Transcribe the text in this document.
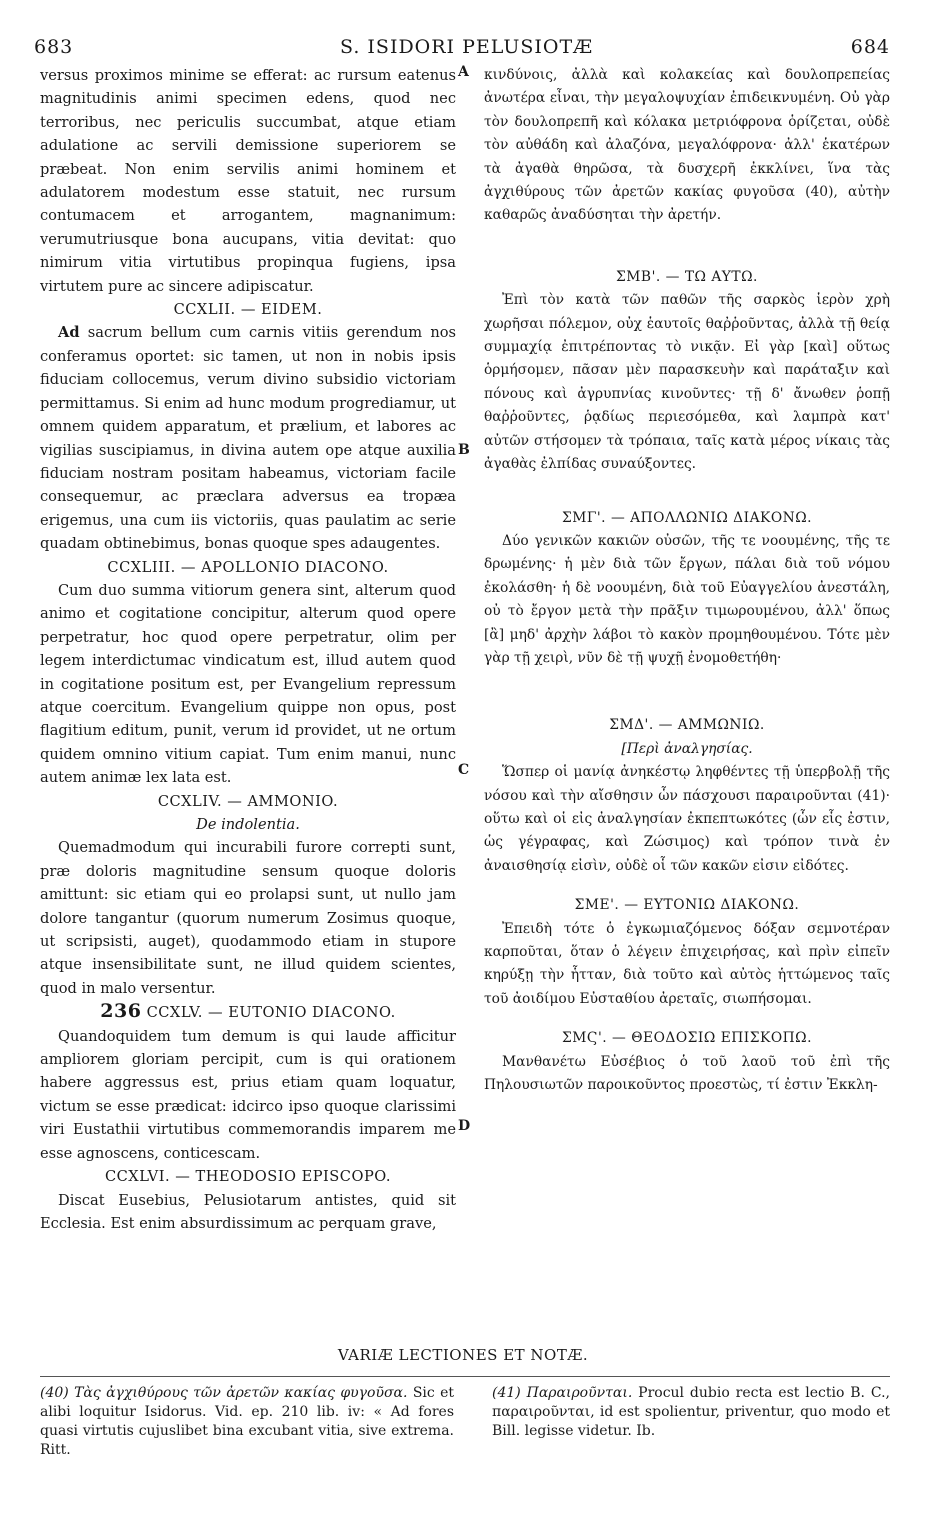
683	S. ISIDORI PELUSIOTÆ	684

versus proximos minime se efferat: ac rursum eatenus magnitudinis animi specimen edens, quod nec terroribus, nec periculis succumbat, atque etiam adulatione ac servili demissione superiorem se præbeat. Non enim servilis animi hominem et adulatorem modestum esse statuit, nec rursum contumacem et arrogantem, magnanimum: verumutriusque bona aucupans, vitia devitat: quo nimirum vitia virtutibus propinqua fugiens, ipsa virtutem pure ac sincere adipiscatur.

CCXLII. — EIDEM.

Ad sacrum bellum cum carnis vitiis gerendum nos conferamus oportet: sic tamen, ut non in nobis ipsis fiduciam collocemus, verum divino subsidio victoriam permittamus. Si enim ad hunc modum progrediamur, ut omnem quidem apparatum, et prælium, et labores ac vigilias suscipiamus, in divina autem ope atque auxilia fiduciam nostram positam habeamus, victoriam facile consequemur, ac præclara adversus ea tropæa erigemus, una cum iis victoriis, quas paulatim ac serie quadam obtinebimus, bonas quoque spes adaugentes.

CCXLIII. — APOLLONIO DIACONO.

Cum duo summa vitiorum genera sint, alterum quod animo et cogitatione concipitur, alterum quod opere perpetratur, hoc quod opere perpetratur, olim per legem interdictumac vindicatum est, illud autem quod in cogitatione positum est, per Evangelium repressum atque coercitum. Evangelium quippe non opus, post flagitium editum, punit, verum id providet, ut ne ortum quidem omnino vitium capiat. Tum enim manui, nunc autem animæ lex lata est.

CCXLIV. — AMMONIO.

De indolentia.

Quemadmodum qui incurabili furore correpti sunt, præ doloris magnitudine sensum quoque doloris amittunt: sic etiam qui eo prolapsi sunt, ut nullo jam dolore tangantur (quorum numerum Zosimus quoque, ut scripsisti, auget), quodammodo etiam in stupore atque insensibilitate sunt, ne illud quidem scientes, quod in malo versentur.

236 CCXLV. — EUTONIO DIACONO.

Quandoquidem tum demum is qui laude afficitur ampliorem gloriam percipit, cum is qui orationem habere aggressus est, prius etiam quam loquatur, victum se esse prædicat: idcirco ipso quoque clarissimi viri Eustathii virtutibus commemorandis imparem me esse agnoscens, conticescam.

CCXLVI. — THEODOSIO EPISCOPO.

Discat Eusebius, Pelusiotarum antistes, quid sit Ecclesia. Est enim absurdissimum ac perquam grave,

A
B
C
D

κινδύνοις, ἀλλὰ καὶ κολακείας καὶ δουλοπρεπείας ἀνωτέρα εἶναι, τὴν μεγαλοψυχίαν ἐπιδεικνυμένη. Οὐ γὰρ τὸν δουλοπρεπῆ καὶ κόλακα μετριόφρονα ὁρίζεται, οὐδὲ τὸν αὐθάδη καὶ ἀλαζόνα, μεγαλόφρονα· ἀλλ' ἑκατέρων τὰ ἀγαθὰ θηρῶσα, τὰ δυσχερῆ ἐκκλίνει, ἵνα τὰς ἀγχιθύρους τῶν ἀρετῶν κακίας φυγοῦσα (40), αὐτὴν καθαρῶς ἀναδύσηται τὴν ἀρετήν.

ΣΜΒ'. — ΤΩ ΑΥΤΩ.

Ἐπὶ τὸν κατὰ τῶν παθῶν τῆς σαρκὸς ἱερὸν χρὴ χωρῆσαι πόλεμον, οὐχ ἑαυτοῖς θαῤῥοῦντας, ἀλλὰ τῇ θείᾳ συμμαχίᾳ ἐπιτρέποντας τὸ νικᾷν. Εἰ γὰρ [καὶ] οὕτως ὁρμήσομεν, πᾶσαν μὲν παρασκευὴν καὶ παράταξιν καὶ πόνους καὶ ἀγρυπνίας κινοῦντες· τῇ δ' ἄνωθεν ῥοπῇ θαῤῥοῦντες, ῥᾳδίως περιεσόμεθα, καὶ λαμπρὰ κατ' αὐτῶν στήσομεν τὰ τρόπαια, ταῖς κατὰ μέρος νίκαις τὰς ἀγαθὰς ἐλπίδας συναύξοντες.

ΣΜΓ'. — ΑΠΟΛΛΩΝΙΩ ΔΙΑΚΟΝΩ.

Δύο γενικῶν κακιῶν οὐσῶν, τῆς τε νοουμένης, τῆς τε δρωμένης· ἡ μὲν διὰ τῶν ἔργων, πάλαι διὰ τοῦ νόμου ἐκολάσθη· ἡ δὲ νοουμένη, διὰ τοῦ Εὐαγγελίου ἀνεστάλη, οὐ τὸ ἔργον μετὰ τὴν πρᾶξιν τιμωρουμένου, ἀλλ' ὅπως [ἂ] μηδ' ἀρχὴν λάβοι τὸ κακὸν προμηθουμένου. Τότε μὲν γὰρ τῇ χειρὶ, νῦν δὲ τῇ ψυχῇ ἐνομοθετήθη·

ΣΜΔ'. — ΑΜΜΩΝΙΩ.

[Περὶ ἀναλγησίας.

Ὥσπερ οἱ μανίᾳ ἀνηκέστῳ ληφθέντες τῇ ὑπερβολῇ τῆς νόσου καὶ τὴν αἴσθησιν ὧν πάσχουσι παραιροῦνται (41)· οὕτω καὶ οἱ εἰς ἀναλγησίαν ἐκπεπτωκότες (ὧν εἷς ἐστιν, ὡς γέγραφας, καὶ Ζώσιμος) καὶ τρόπον τινὰ ἐν ἀναισθησίᾳ εἰσὶν, οὐδὲ οἷ τῶν κακῶν εἰσιν εἰδότες.

ΣΜΕ'. — ΕΥΤΟΝΙΩ ΔΙΑΚΟΝΩ.

Ἐπειδὴ τότε ὁ ἐγκωμιαζόμενος δόξαν σεμνοτέραν καρποῦται, ὅταν ὁ λέγειν ἐπιχειρήσας, καὶ πρὶν εἰπεῖν κηρύξῃ τὴν ἧτταν, διὰ τοῦτο καὶ αὐτὸς ἡττώμενος ταῖς τοῦ ἀοιδίμου Εὐσταθίου ἀρεταῖς, σιωπήσομαι.

ΣΜϚ'. — ΘΕΟΔΟΣΙΩ ΕΠΙΣΚΟΠΩ.

Μανθανέτω Εὐσέβιος ὁ τοῦ λαοῦ τοῦ ἐπὶ τῆς Πηλουσιωτῶν παροικοῦντος προεστὼς, τί ἐστιν Ἐκκλη-

VARIÆ LECTIONES ET NOTÆ.
(40) Τὰς ἀγχιθύρους τῶν ἀρετῶν κακίας φυγοῦσα. Sic et alibi loquitur Isidorus. Vid. ep. 210 lib. iv: « Ad fores quasi virtutis cujuslibet bina excubant vitia, sive extrema. Ritt.
(41) Παραιροῦνται. Procul dubio recta est lectio B. C., παραιροῦνται, id est spolientur, priventur, quo modo et Bill. legisse videtur. Ib.
